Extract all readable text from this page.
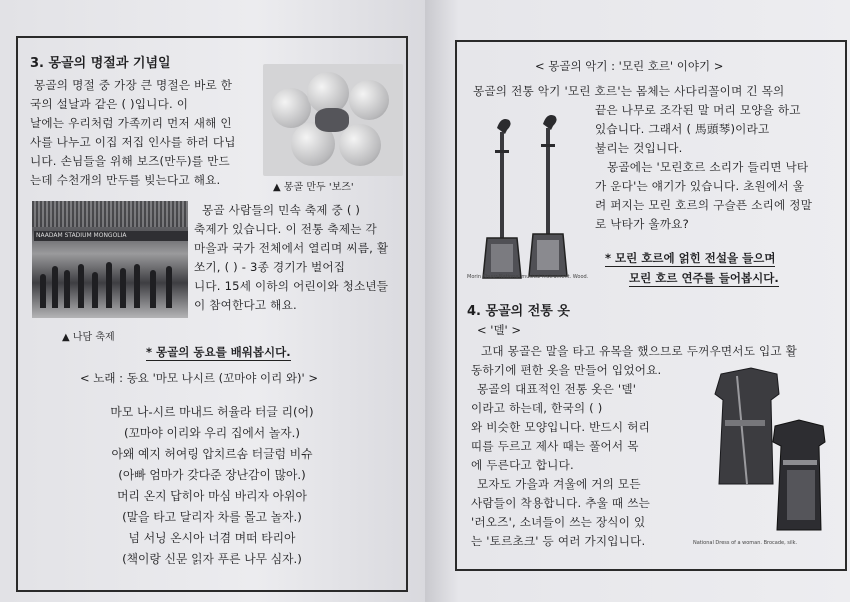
3. 몽골의 명절과 기념일
몽골의 명절 중 가장 큰 명절은 바로 한
국의 설날과 같은 ( )입니다. 이
날에는 우리처럼 가족끼리 먼저 새해 인
사를 나누고 이집 저집 인사를 하러 다닙
니다. 손님들을 위해 보즈(만두)를 만드
는데 수천개의 만두를 빚는다고 해요.
▲ 몽골 만두 '보즈'
NAADAM STADIUM MONGOLIA
몽골 사람들의 민속 축제 중 ( )
축제가 있습니다. 이 전통 축제는 각
마을과 국가 전체에서 열리며 씨름, 활
쏘기, ( ) - 3종 경기가 벌어집
니다. 15세 이하의 어린이와 청소년들
이 참여한다고 해요.
▲ 나담 축제
* 몽골의 동요를 배워봅시다.
< 노래 : 동요 '마모 나시르 (꼬마야 이리 와)' >
마모 나-시르 마내드 허율라 터글 리(어)
(꼬마야 이리와 우리 집에서 놀자.)
아왜 예지 허여링 압치르솜 터글럼 비슈
(아빠 엄마가 갖다준 장난감이 많아.)
머리 온지 답히아 마심 바리자 아위아
(말을 타고 달리자 차를 몰고 놀자.)
넘 서닝 온시아 너겸 며떠 타리아
(책이랑 신문 읽자 푸른 나무 심자.)
< 몽골의 악기 : '모린 호르' 이야기 >
몽골의 전통 악기 '모린 호르'는 몸체는 사다리꼴이며 긴 목의
끝은 나무로 조각된 말 머리 모양을 하고
있습니다. 그래서 ( 馬頭琴)이라고
불리는 것입니다.
몽골에는 '모린호르 소리가 들리면 낙타
가 운다'는 얘기가 있습니다. 초원에서 울
려 퍼지는 모린 호르의 구슬픈 소리에 정말
로 낙타가 울까요?
Morin Khuur-National musical instrument. Wood.
* 모린 호르에 얽힌 전설을 들으며
모린 호르 연주를 들어봅시다.
4. 몽골의 전통 옷
< '델' >
고대 몽골은 말을 타고 유목을 했으므로 두꺼우면서도 입고 활
동하기에 편한 옷을 만들어 입었어요.
몽골의 대표적인 전통 옷은 '델'
이라고 하는데, 한국의 ( )
와 비슷한 모양입니다. 반드시 허리
띠를 두르고 제사 때는 풀어서 목
에 두른다고 합니다.
모자도 가을과 겨울에 거의 모든
사람들이 착용합니다. 추울 때 쓰는
'러오즈', 소녀들이 쓰는 장식이 있
는 '토르초크' 등 여러 가지입니다.	National Dress of a woman. Brocade, silk.
